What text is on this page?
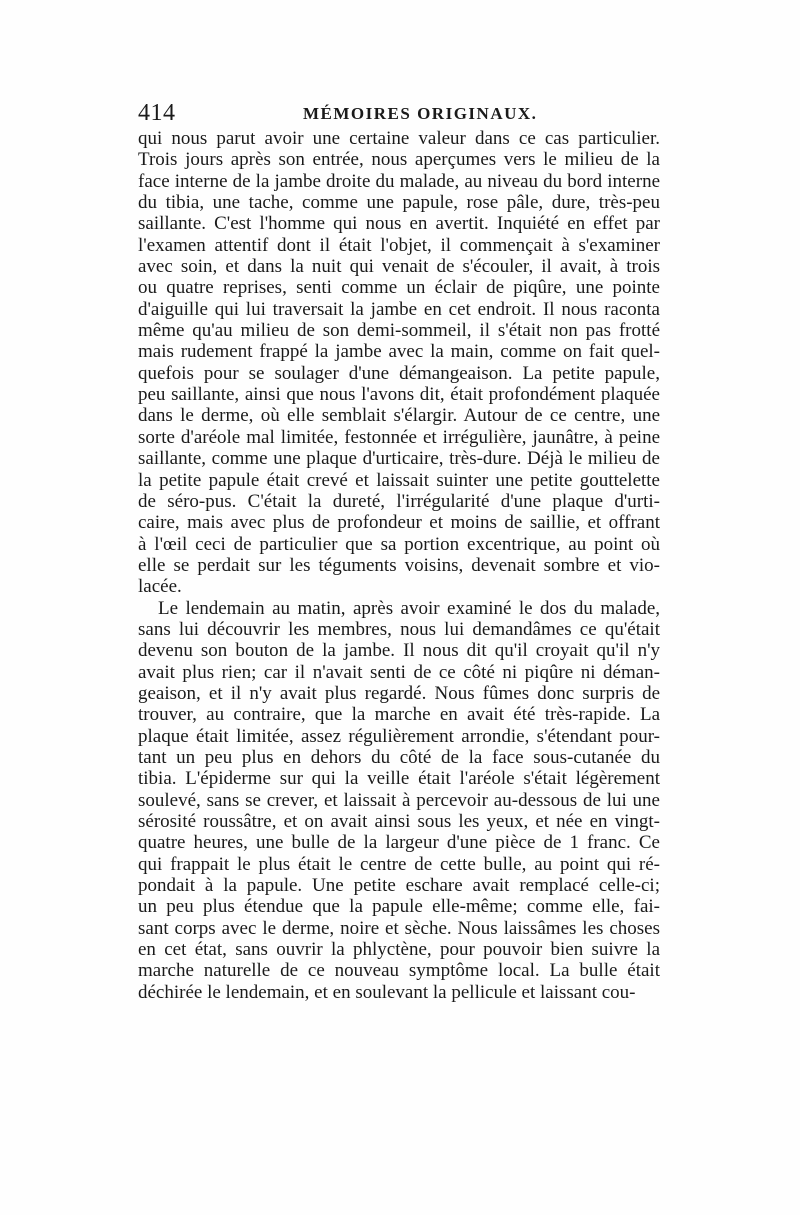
414	MÉMOIRES ORIGINAUX.
qui nous parut avoir une certaine valeur dans ce cas particulier.
Trois jours après son entrée, nous aperçumes vers le milieu de la
face interne de la jambe droite du malade, au niveau du bord interne
du tibia, une tache, comme une papule, rose pâle, dure, très-peu
saillante. C'est l'homme qui nous en avertit. Inquiété en effet par
l'examen attentif dont il était l'objet, il commençait à s'examiner
avec soin, et dans la nuit qui venait de s'écouler, il avait, à trois
ou quatre reprises, senti comme un éclair de piqûre, une pointe
d'aiguille qui lui traversait la jambe en cet endroit. Il nous raconta
même qu'au milieu de son demi-sommeil, il s'était non pas frotté
mais rudement frappé la jambe avec la main, comme on fait quel-
quefois pour se soulager d'une démangeaison. La petite papule,
peu saillante, ainsi que nous l'avons dit, était profondément plaquée
dans le derme, où elle semblait s'élargir. Autour de ce centre, une
sorte d'aréole mal limitée, festonnée et irrégulière, jaunâtre, à peine
saillante, comme une plaque d'urticaire, très-dure. Déjà le milieu de
la petite papule était crevé et laissait suinter une petite gouttelette
de séro-pus. C'était la dureté, l'irrégularité d'une plaque d'urti-
caire, mais avec plus de profondeur et moins de saillie, et offrant
à l'œil ceci de particulier que sa portion excentrique, au point où
elle se perdait sur les téguments voisins, devenait sombre et vio-
lacée.
Le lendemain au matin, après avoir examiné le dos du malade,
sans lui découvrir les membres, nous lui demandâmes ce qu'était
devenu son bouton de la jambe. Il nous dit qu'il croyait qu'il n'y
avait plus rien; car il n'avait senti de ce côté ni piqûre ni déman-
geaison, et il n'y avait plus regardé. Nous fûmes donc surpris de
trouver, au contraire, que la marche en avait été très-rapide. La
plaque était limitée, assez régulièrement arrondie, s'étendant pour-
tant un peu plus en dehors du côté de la face sous-cutanée du
tibia. L'épiderme sur qui la veille était l'aréole s'était légèrement
soulevé, sans se crever, et laissait à percevoir au-dessous de lui une
sérosité roussâtre, et on avait ainsi sous les yeux, et née en vingt-
quatre heures, une bulle de la largeur d'une pièce de 1 franc. Ce
qui frappait le plus était le centre de cette bulle, au point qui ré-
pondait à la papule. Une petite eschare avait remplacé celle-ci;
un peu plus étendue que la papule elle-même; comme elle, fai-
sant corps avec le derme, noire et sèche. Nous laissâmes les choses
en cet état, sans ouvrir la phlyctène, pour pouvoir bien suivre la
marche naturelle de ce nouveau symptôme local. La bulle était
déchirée le lendemain, et en soulevant la pellicule et laissant cou-
